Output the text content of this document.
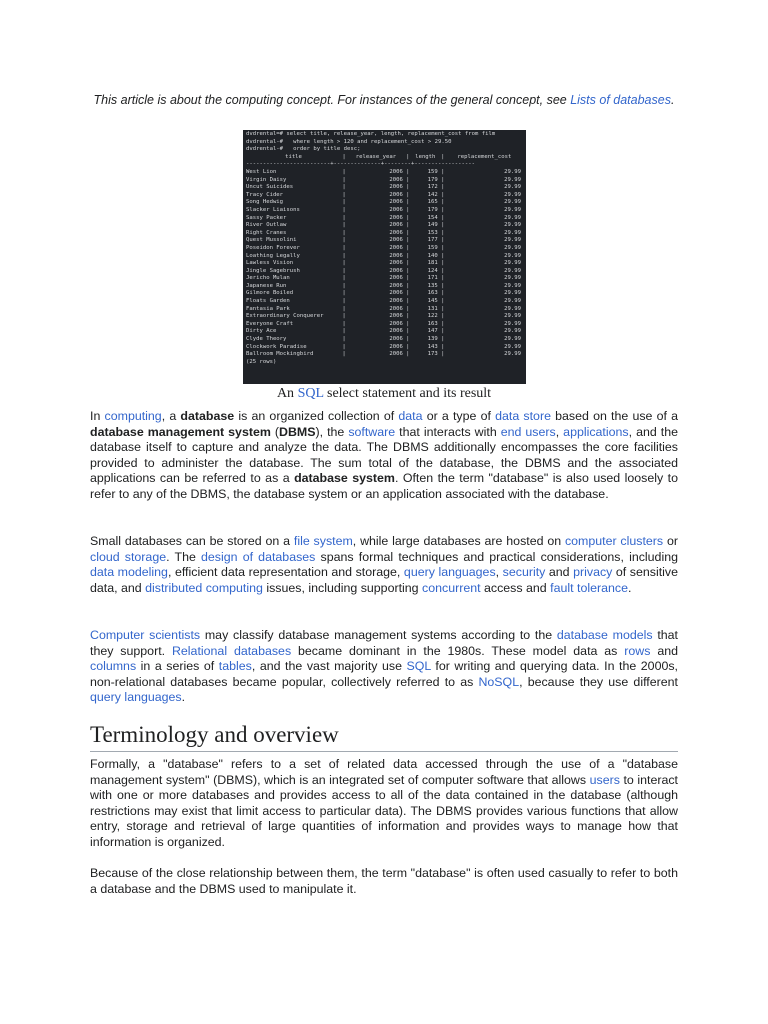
This article is about the computing concept. For instances of the general concept, see Lists of databases.
dvdrental=# select title, release_year, length, replacement_cost from film
dvdrental-#   where length > 120 and replacement_cost > 29.50
dvdrental-#   order by title desc;
title	|	release_year	|	length	|	replacement_cost
-------------------------+--------------+--------+------------------						
West Lion	|	2006	|	159	|	29.99
Virgin Daisy	|	2006	|	179	|	29.99
Uncut Suicides	|	2006	|	172	|	29.99
Tracy Cider	|	2006	|	142	|	29.99
Song Hedwig	|	2006	|	165	|	29.99
Slacker Liaisons	|	2006	|	179	|	29.99
Sassy Packer	|	2006	|	154	|	29.99
River Outlaw	|	2006	|	149	|	29.99
Right Cranes	|	2006	|	153	|	29.99
Quest Mussolini	|	2006	|	177	|	29.99
Poseidon Forever	|	2006	|	159	|	29.99
Loathing Legally	|	2006	|	140	|	29.99
Lawless Vision	|	2006	|	181	|	29.99
Jingle Sagebrush	|	2006	|	124	|	29.99
Jericho Mulan	|	2006	|	171	|	29.99
Japanese Run	|	2006	|	135	|	29.99
Gilmore Boiled	|	2006	|	163	|	29.99
Floats Garden	|	2006	|	145	|	29.99
Fantasia Park	|	2006	|	131	|	29.99
Extraordinary Conquerer	|	2006	|	122	|	29.99
Everyone Craft	|	2006	|	163	|	29.99
Dirty Ace	|	2006	|	147	|	29.99
Clyde Theory	|	2006	|	139	|	29.99
Clockwork Paradise	|	2006	|	143	|	29.99
Ballroom Mockingbird	|	2006	|	173	|	29.99
(25 rows)
An SQL select statement and its result

In computing, a database is an organized collection of data or a type of data store based on the use of a database management system (DBMS), the software that interacts with end users, applications, and the database itself to capture and analyze the data. The DBMS additionally encompasses the core facilities provided to administer the database. The sum total of the database, the DBMS and the associated applications can be referred to as a database system. Often the term "database" is also used loosely to refer to any of the DBMS, the database system or an application associated with the database.

Small databases can be stored on a file system, while large databases are hosted on computer clusters or cloud storage. The design of databases spans formal techniques and practical considerations, including data modeling, efficient data representation and storage, query languages, security and privacy of sensitive data, and distributed computing issues, including supporting concurrent access and fault tolerance.

Computer scientists may classify database management systems according to the database models that they support. Relational databases became dominant in the 1980s. These model data as rows and columns in a series of tables, and the vast majority use SQL for writing and querying data. In the 2000s, non-relational databases became popular, collectively referred to as NoSQL, because they use different query languages.

Terminology and overview

Formally, a "database" refers to a set of related data accessed through the use of a "database management system" (DBMS), which is an integrated set of computer software that allows users to interact with one or more databases and provides access to all of the data contained in the database (although restrictions may exist that limit access to particular data). The DBMS provides various functions that allow entry, storage and retrieval of large quantities of information and provides ways to manage how that information is organized.

Because of the close relationship between them, the term "database" is often used casually to refer to both a database and the DBMS used to manipulate it.
